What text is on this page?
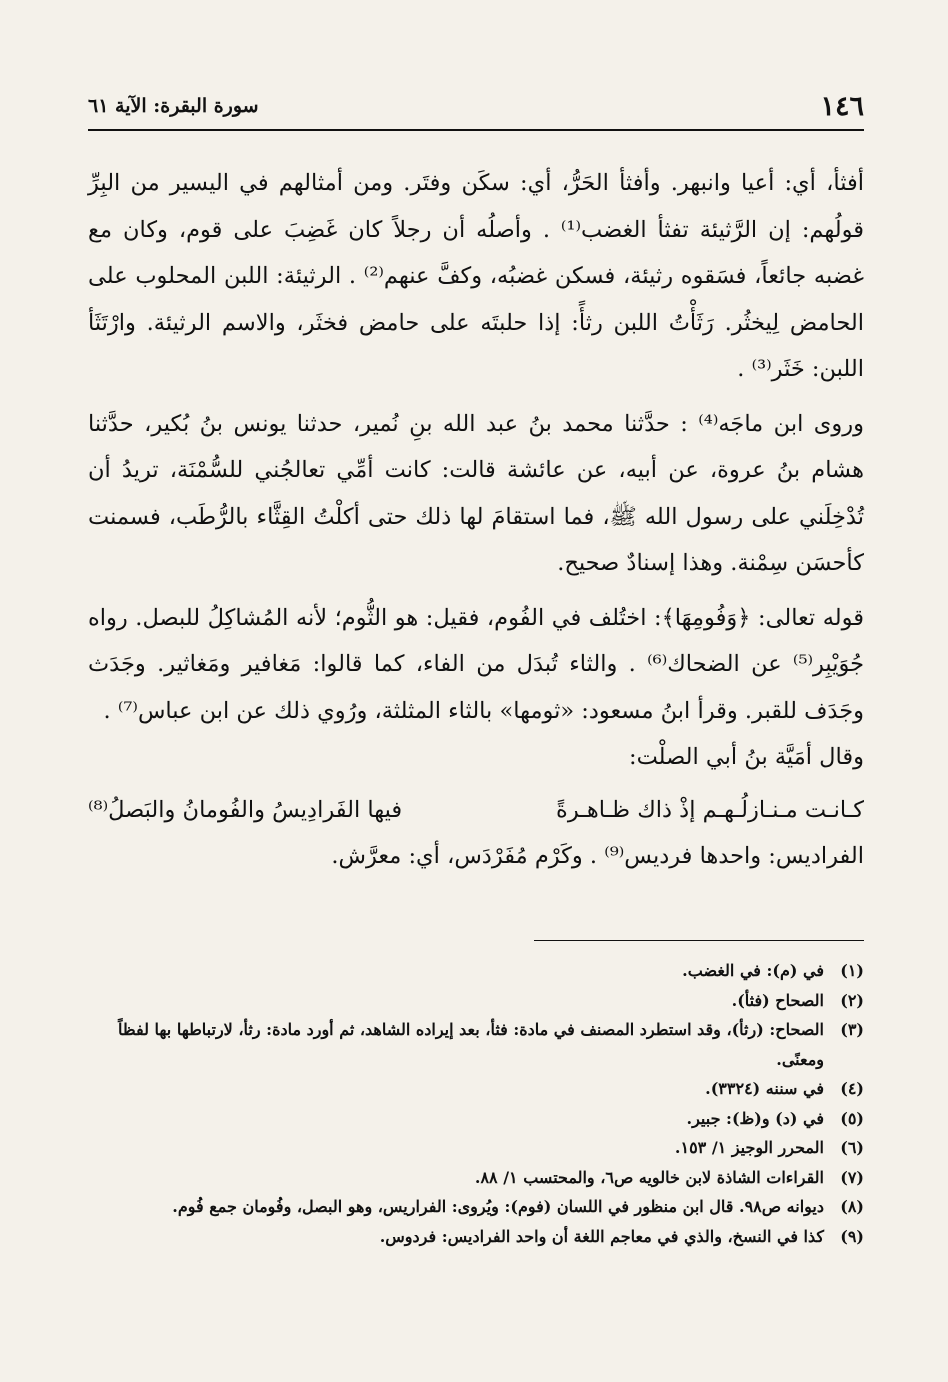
١٤٦
سورة البقرة: الآية ٦١

أفثأ، أي: أعيا وانبهر. وأفثأ الحَرُّ، أي: سكَن وفتَر. ومن أمثالهم في اليسير من البِرِّ قولُهم: إن الرَّثيئة تفثأ الغضب⁽¹⁾ . وأصلُه أن رجلاً كان غَضِبَ على قوم، وكان مع غضبه جائعاً، فسَقوه رثيئة، فسكن غضبُه، وكفَّ عنهم⁽²⁾ . الرثيئة: اللبن المحلوب على الحامض لِيخثُر. رَثَأْتُ اللبن رثأً: إذا حلبتَه على حامض فخثَر، والاسم الرثيئة. وارْتَثَأ اللبن: خَثَر⁽³⁾ .

وروى ابن ماجَه⁽⁴⁾ : حدَّثنا محمد بنُ عبد الله بنِ نُمير، حدثنا يونس بنُ بُكير، حدَّثنا هشام بنُ عروة، عن أبيه، عن عائشة قالت: كانت أمِّي تعالجُني للسُّمْنَة، تريدُ أن تُدْخِلَني على رسول الله ﷺ، فما استقامَ لها ذلك حتى أكلْتُ القِثَّاء بالرُّطَب، فسمنت كأحسَن سِمْنة. وهذا إسنادٌ صحيح.

قوله تعالى: ﴿وَفُومِهَا﴾: اختُلف في الفُوم، فقيل: هو الثُّوم؛ لأنه المُشاكِلُ للبصل. رواه جُوَيْبِر⁽⁵⁾ عن الضحاك⁽⁶⁾ . والثاء تُبدَل من الفاء، كما قالوا: مَغافير ومَغاثير. وجَدَث وجَدَف للقبر. وقرأ ابنُ مسعود: «ثومها» بالثاء المثلثة، ورُوي ذلك عن ابن عباس⁽⁷⁾ .

وقال أمَيَّة بنُ أبي الصلْت:

كـانـت مـنـازلُـهـم إذْ ذاك ظـاهـرةً
فيها الفَرادِيسُ والفُومانُ والبَصلُ⁽⁸⁾

الفراديس: واحدها فرديس⁽⁹⁾ . وكَرْم مُفَرْدَس، أي: معرَّش.

(١)
في (م): في الغضب.
(٢)
الصحاح (فثأ).
(٣)
الصحاح: (رثأ)، وقد استطرد المصنف في مادة: فثأ، بعد إيراده الشاهد، ثم أورد مادة: رثأ، لارتباطها بها لفظاً ومعنًى.
(٤)
في سننه (٣٣٢٤).
(٥)
في (د) و(ظ): جبير.
(٦)
المحرر الوجيز ١/ ١٥٣.
(٧)
القراءات الشاذة لابن خالويه ص٦، والمحتسب ١/ ٨٨.
(٨)
ديوانه ص٩٨. قال ابن منظور في اللسان (فوم): ويُروى: الفراريس، وهو البصل، وفُومان جمع فُوم.
(٩)
كذا في النسخ، والذي في معاجم اللغة أن واحد الفراديس: فردوس.
